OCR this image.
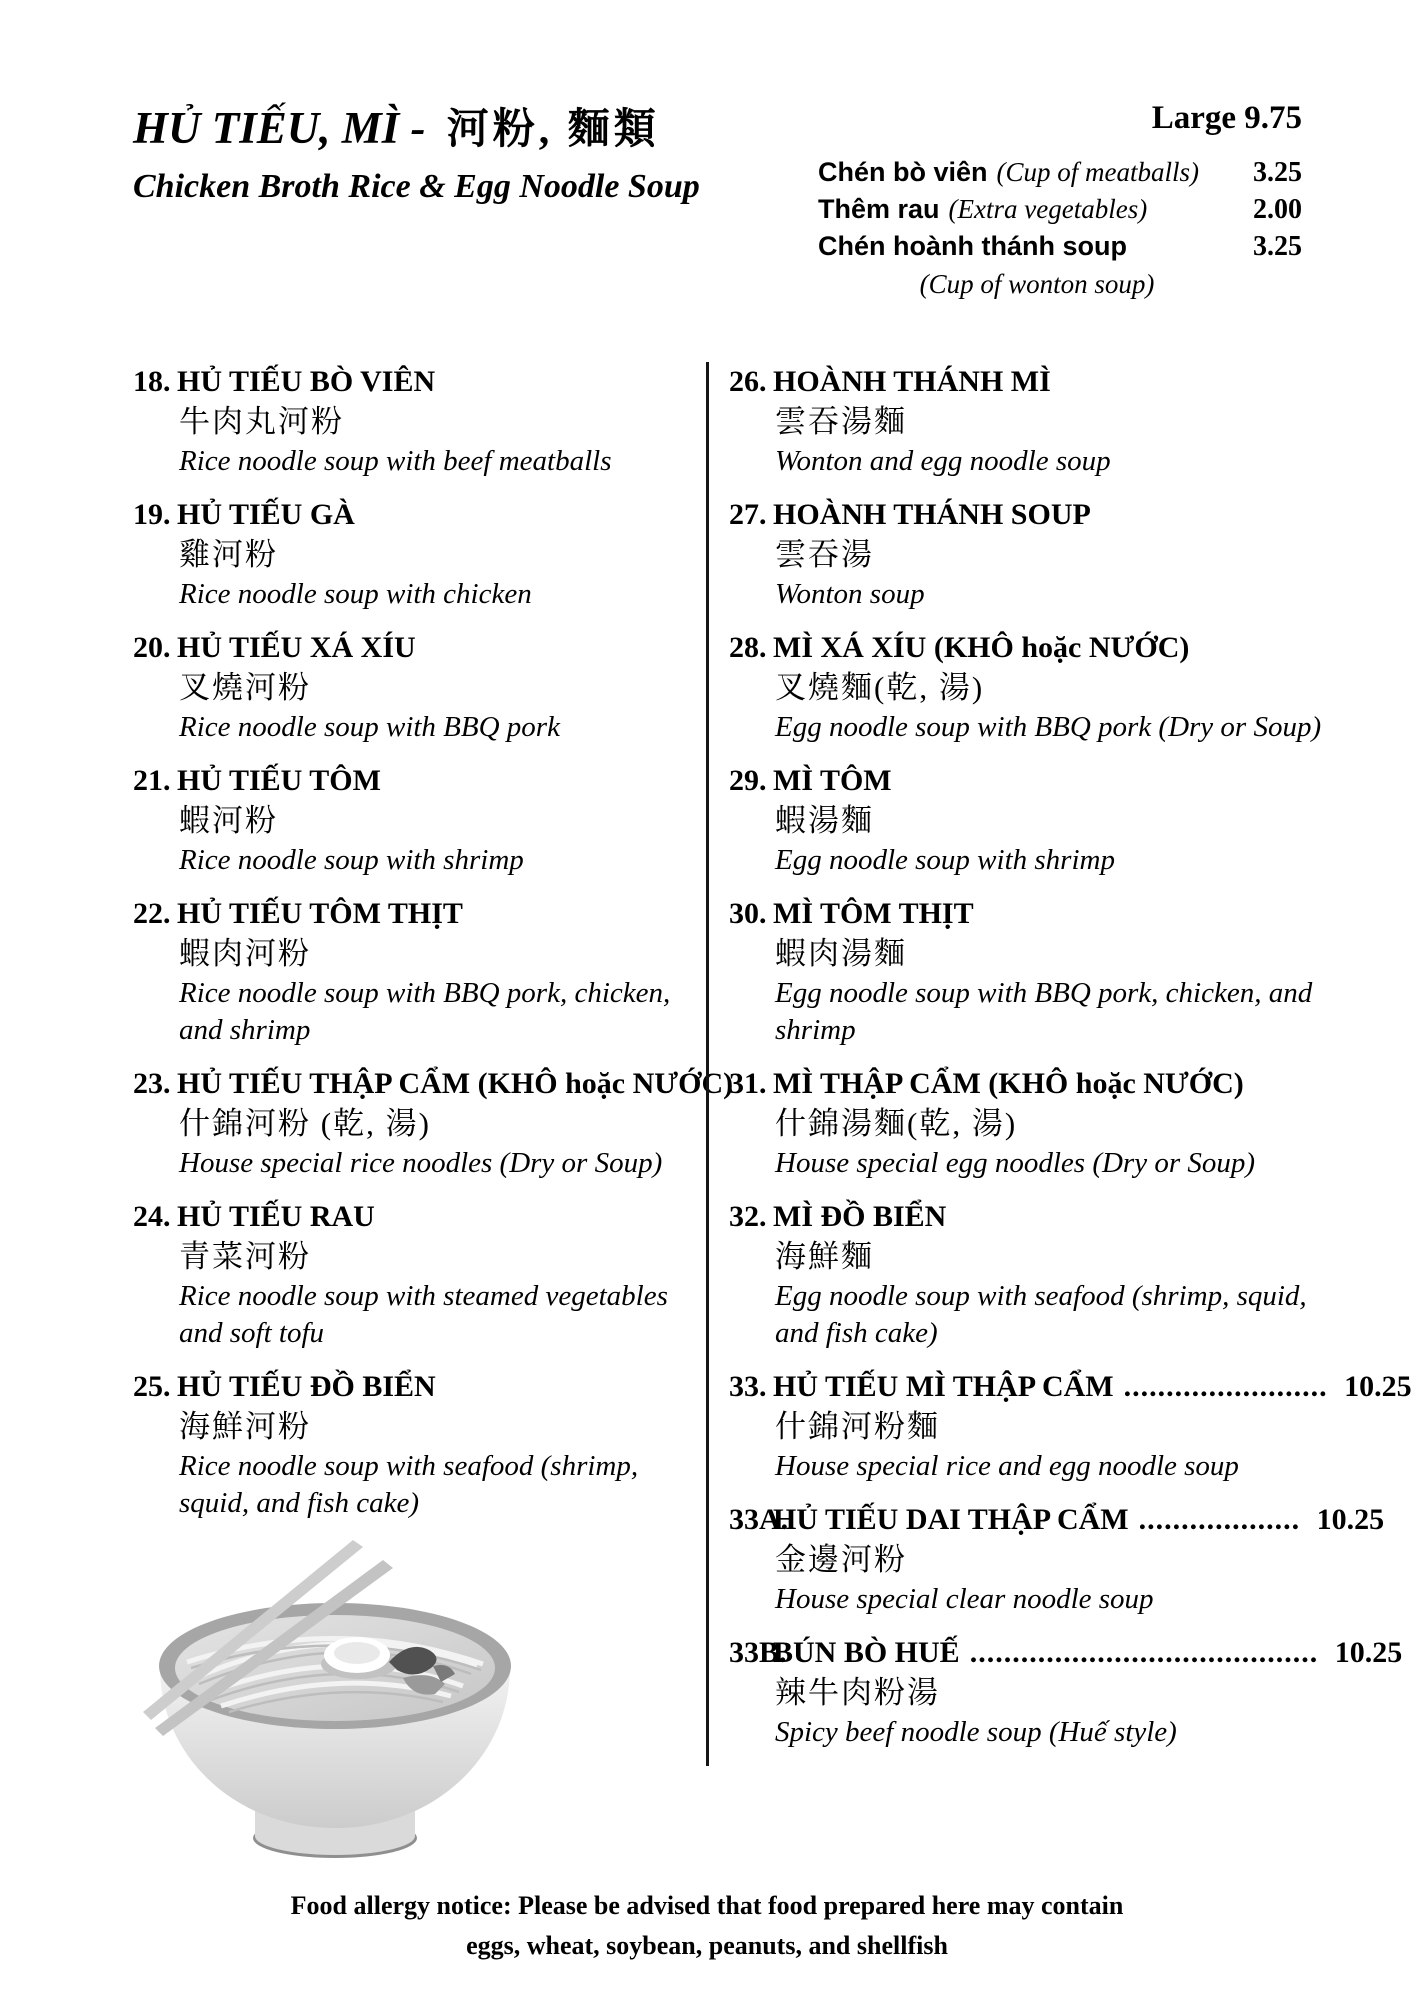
HỦ TIẾU, MÌ - 河粉, 麵類
Chicken Broth Rice & Egg Noodle Soup
Large 9.75
Chén bò viên (Cup of meatballs) 3.25
Thêm rau (Extra vegetables)	2.00
Chén hoành thánh soup	3.25
(Cup of wonton soup)
18. HỦ TIẾU BÒ VIÊN
牛肉丸河粉
Rice noodle soup with beef meatballs
19. HỦ TIẾU GÀ
雞河粉
Rice noodle soup with chicken
20. HỦ TIẾU XÁ XÍU
叉燒河粉
Rice noodle soup with BBQ pork
21. HỦ TIẾU TÔM
蝦河粉
Rice noodle soup with shrimp
22. HỦ TIẾU TÔM THỊT
蝦肉河粉
Rice noodle soup with BBQ pork, chicken, and shrimp
23. HỦ TIẾU THẬP CẨM (KHÔ hoặc NƯỚC)
什錦河粉 (乾, 湯)
House special rice noodles (Dry or Soup)
24. HỦ TIẾU RAU
青菜河粉
Rice noodle soup with steamed vegetables and soft tofu
25. HỦ TIẾU ĐỒ BIỂN
海鮮河粉
Rice noodle soup with seafood (shrimp, squid, and fish cake)
26. HOÀNH THÁNH MÌ
雲吞湯麵
Wonton and egg noodle soup
27. HOÀNH THÁNH SOUP
雲吞湯
Wonton soup
28. MÌ XÁ XÍU (KHÔ hoặc NƯỚC)
叉燒麵(乾, 湯)
Egg noodle soup with BBQ pork (Dry or Soup)
29. MÌ TÔM
蝦湯麵
Egg noodle soup with shrimp
30. MÌ TÔM THỊT
蝦肉湯麵
Egg noodle soup with BBQ pork, chicken, and shrimp
31. MÌ THẬP CẨM (KHÔ hoặc NƯỚC)
什錦湯麵(乾, 湯)
House special egg noodles (Dry or Soup)
32. MÌ ĐỒ BIỂN
海鮮麵
Egg noodle soup with seafood (shrimp, squid, and fish cake)
33. HỦ TIẾU MÌ THẬP CẨM ........................ 10.25
什錦河粉麵
House special rice and egg noodle soup
33A.
HỦ TIẾU DAI THẬP CẨM ................... 10.25
金邊河粉
House special clear noodle soup
33B.
BÚN BÒ HUẾ ......................................... 10.25
辣牛肉粉湯
Spicy beef noodle soup (Huế style)
Food allergy notice: Please be advised that food prepared here may contain
eggs, wheat, soybean, peanuts, and shellfish
